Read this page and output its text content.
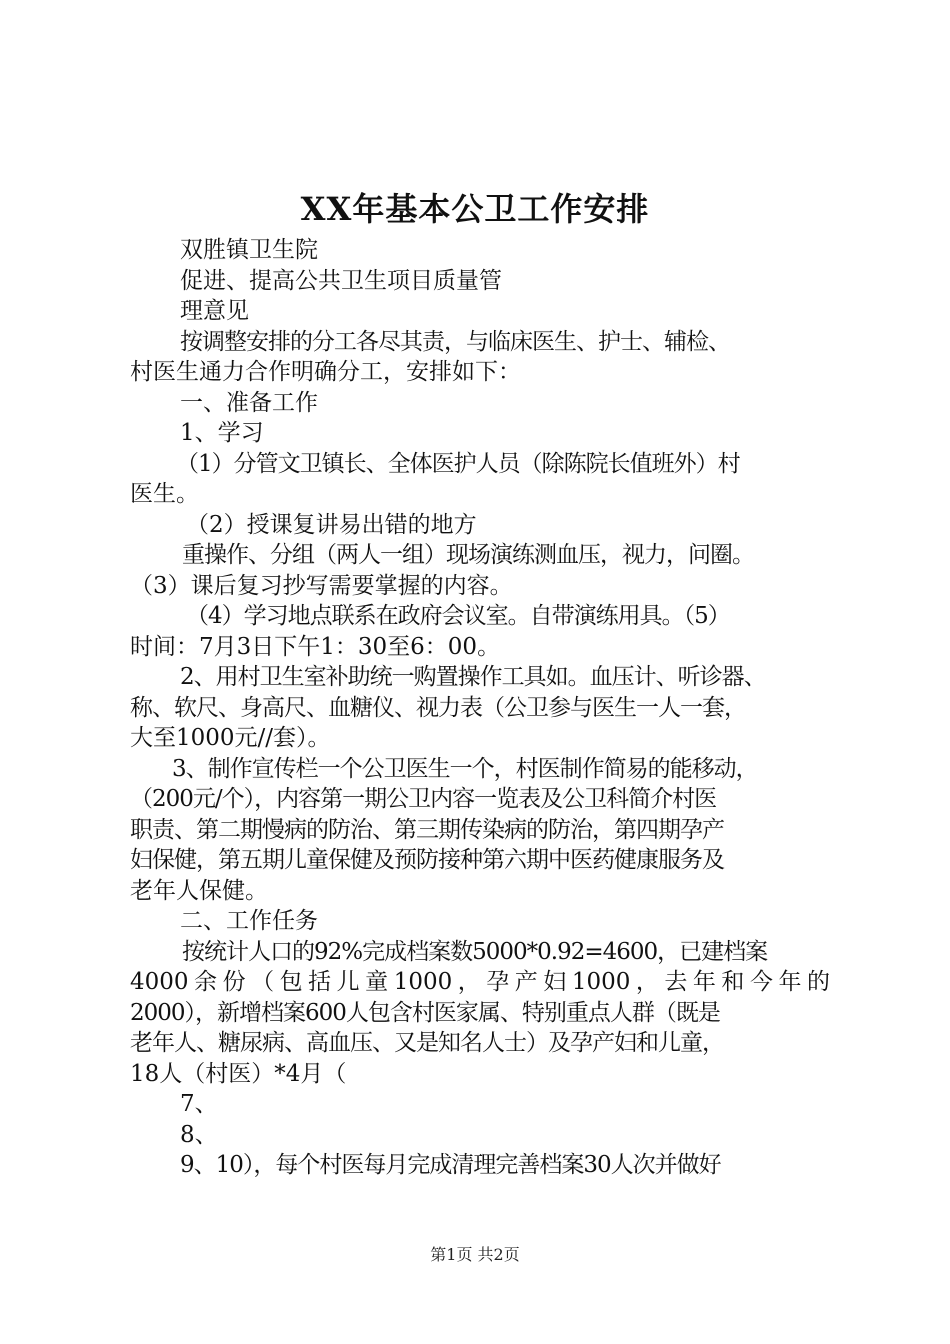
XX年基本公卫工作安排
双胜镇卫生院
促进、提高公共卫生项目质量管
理意见
按调整安排的分工各尽其责，与临床医生、护士、辅检、
村医生通力合作明确分工，安排如下：
一、准备工作
1、学习
（1）分管文卫镇长、全体医护人员（除陈院长值班外）村
医生。
（2）授课复讲易出错的地方
重操作、分组（两人一组）现场演练测血压，视力，问圈。
（3）课后复习抄写需要掌握的内容。
（4）学习地点联系在政府会议室。自带演练用具。（5）
时间：7月3日下午1：30至6：00。
2、用村卫生室补助统一购置操作工具如。血压计、听诊器、
称、软尺、身高尺、血糖仪、视力表（公卫参与医生一人一套，
大至1000元//套）。
3、制作宣传栏一个公卫医生一个，村医制作简易的能移动，
（200元/个），内容第一期公卫内容一览表及公卫科简介村医
职责、第二期慢病的防治、第三期传染病的防治，第四期孕产
妇保健，第五期儿童保健及预防接种第六期中医药健康服务及
老年人保健。
二、工作任务
按统计人口的92%完成档案数5000*0.92=4600，已建档案
4000余份（包括儿童1000，孕产妇1000，去年和今年的
2000），新增档案600人包含村医家属、特别重点人群（既是
老年人、糖尿病、高血压、又是知名人士）及孕产妇和儿童，
18人（村医）*4月（
7、
8、
9、10），每个村医每月完成清理完善档案30人次并做好
第1页 共2页
